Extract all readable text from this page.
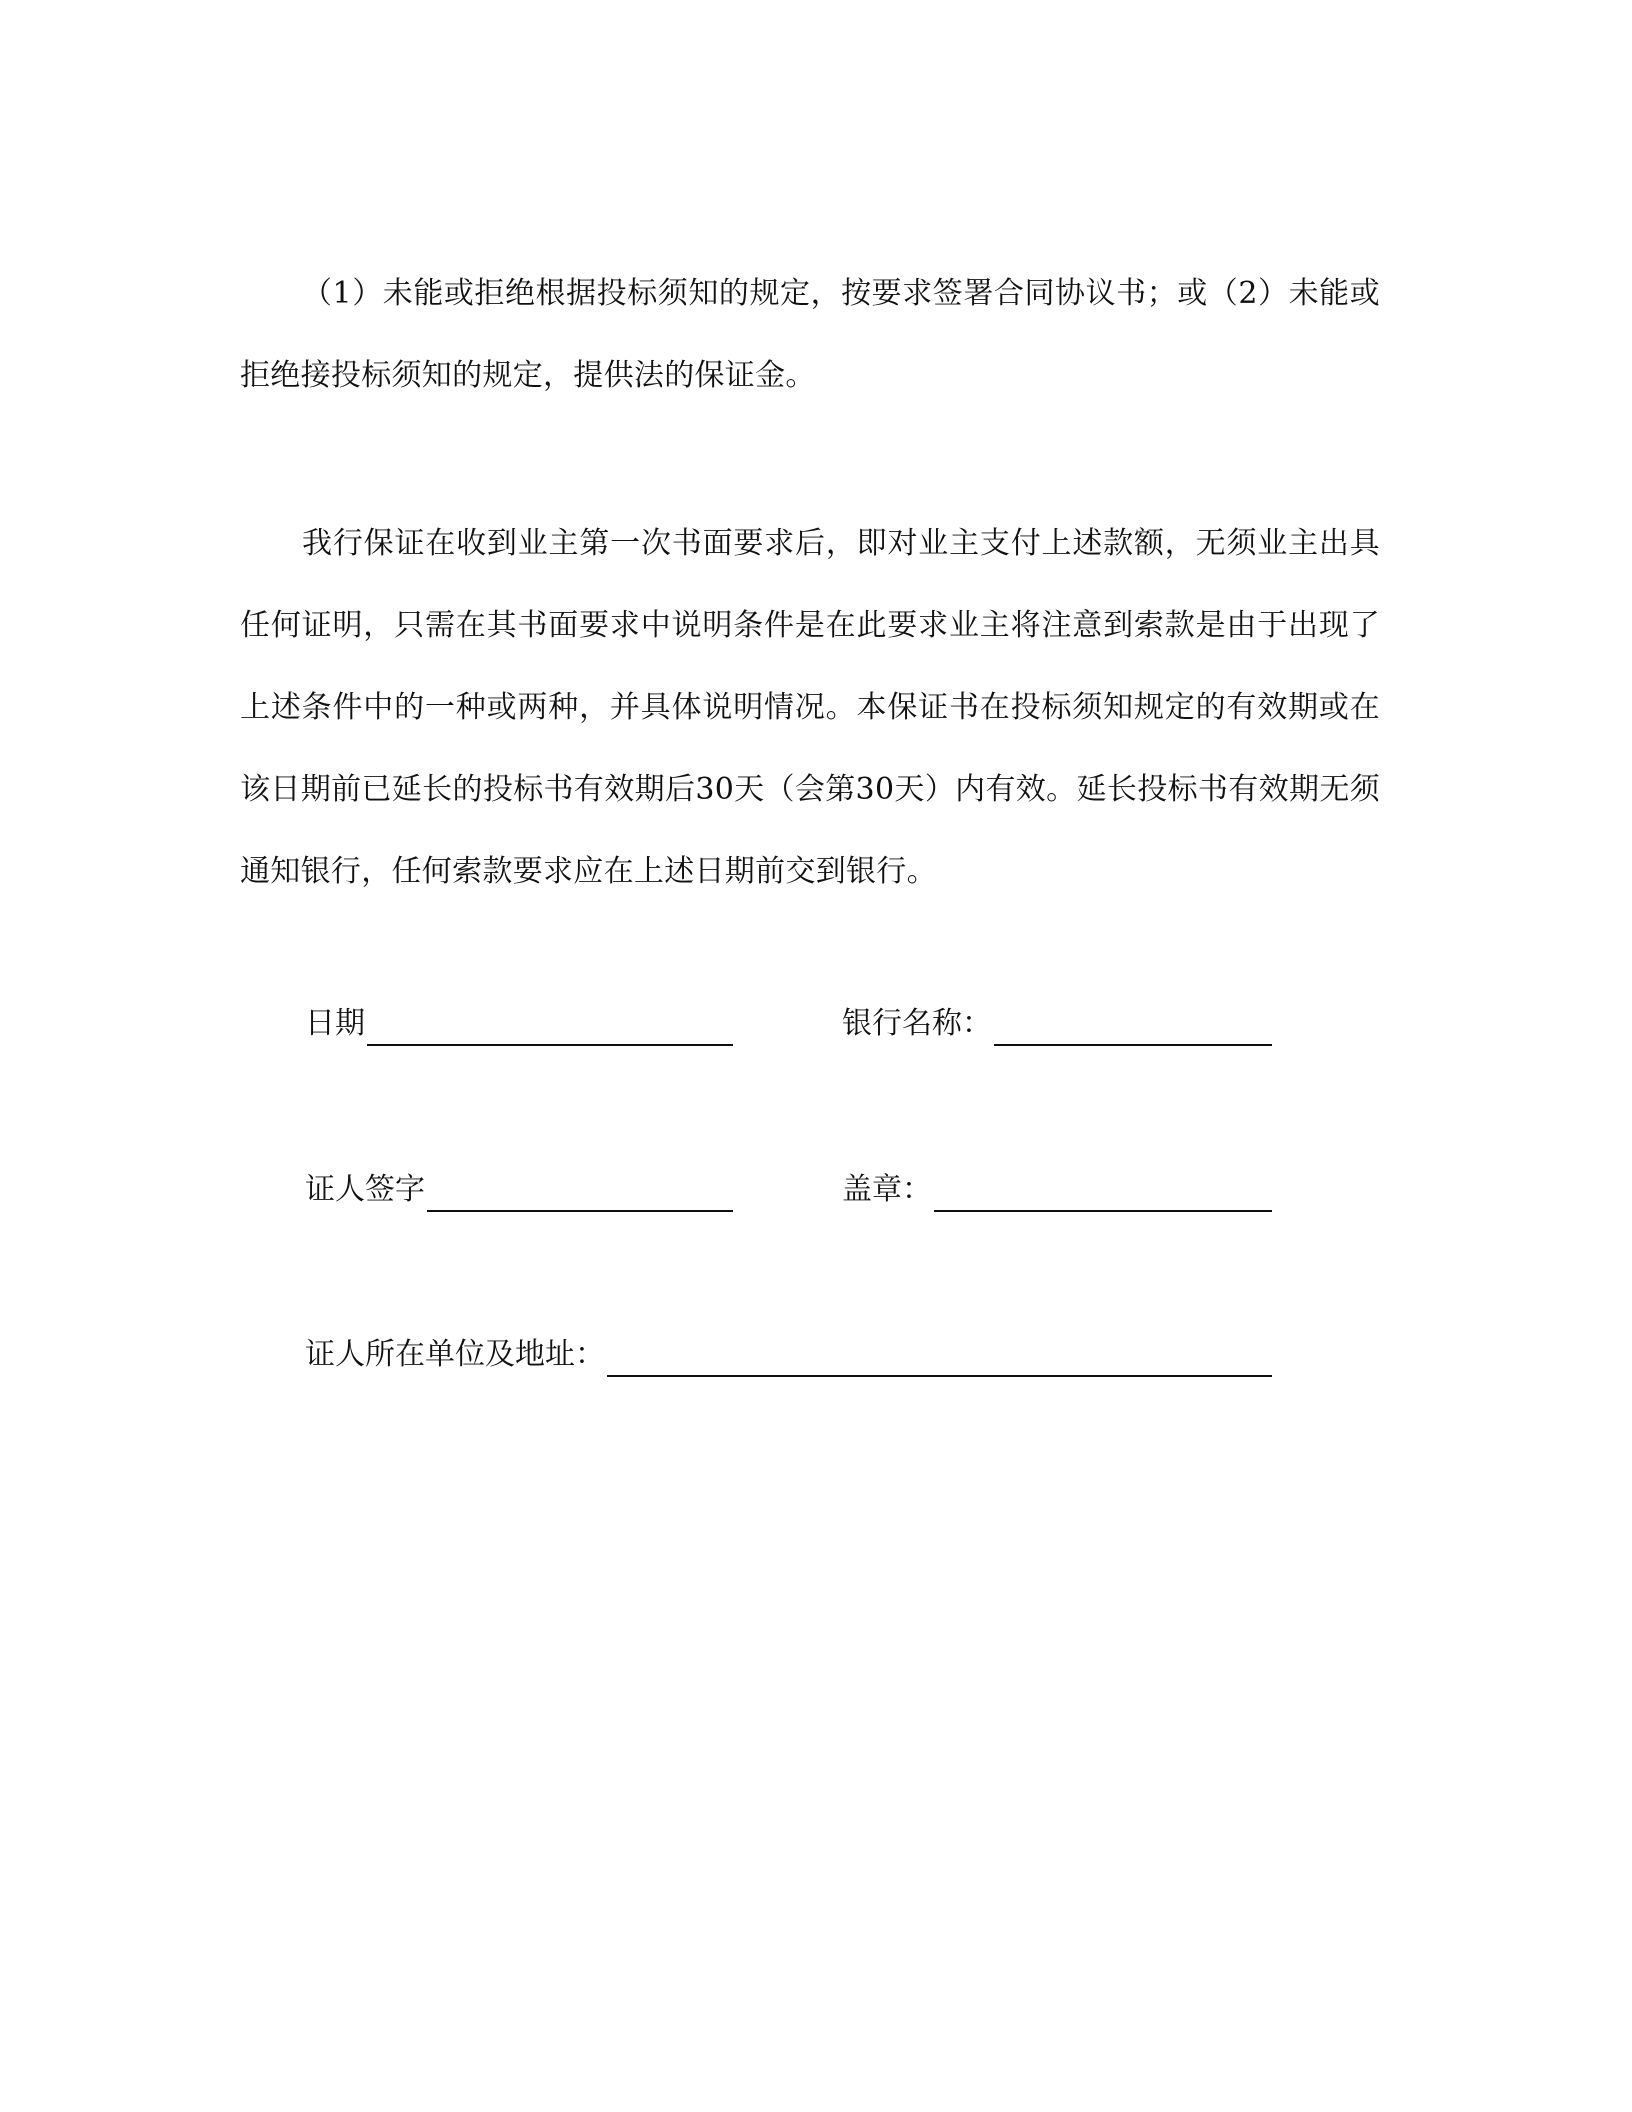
（1）未能或拒绝根据投标须知的规定，按要求签署合同协议书；或（2）未能或拒绝接投标须知的规定，提供法的保证金。

我行保证在收到业主第一次书面要求后，即对业主支付上述款额，无须业主出具任何证明，只需在其书面要求中说明条件是在此要求业主将注意到索款是由于出现了上述条件中的一种或两种，并具体说明情况。本保证书在投标须知规定的有效期或在该日期前已延长的投标书有效期后30天（会第30天）内有效。延长投标书有效期无须通知银行，任何索款要求应在上述日期前交到银行。

日期	银行名称：
证人签字	盖章：
证人所在单位及地址：
